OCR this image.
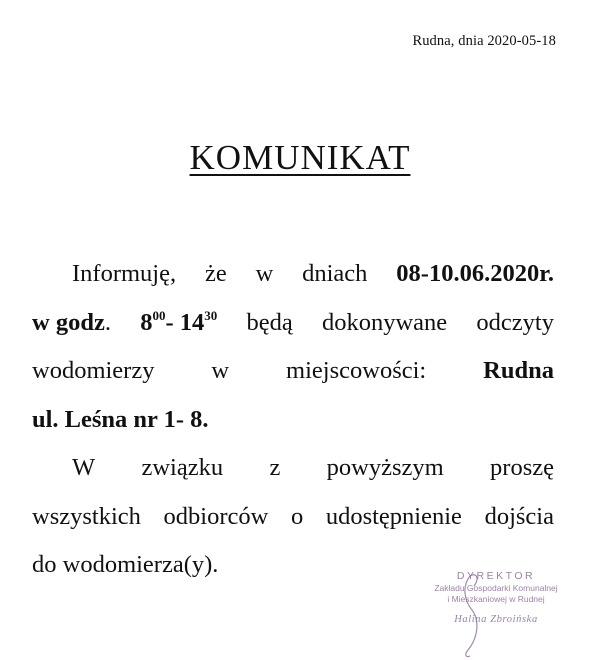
Rudna, dnia 2020-05-18
KOMUNIKAT
Informuję, że w dniach 08-10.06.2020r.
w godz. $8^{00}-$ $14^{30}$ będą dokonywane odczyty
wodomierzy w miejscowości: Rudna
ul. Leśna nr 1- 8.
W związku z powyższym proszę
wszystkich odbiorców o udostępnienie dojścia
do wodomierza(y).	DYREKTOR
Zakładu Gospodarki Komunalnej
i Mieszkaniowej w Rudnej
Halina Zbroińska
